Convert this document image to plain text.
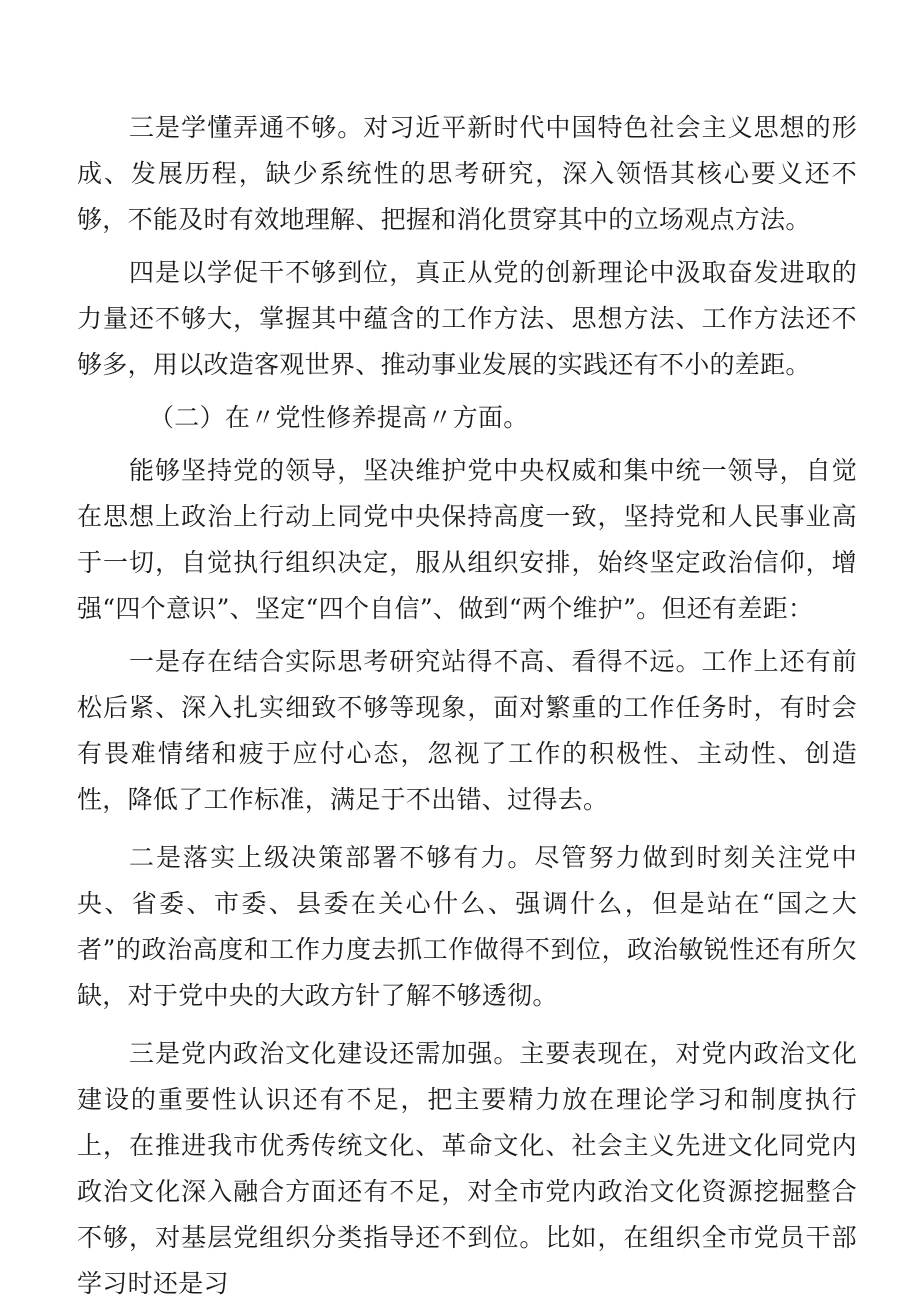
三是学懂弄通不够。对习近平新时代中国特色社会主义思想的形成、发展历程，缺少系统性的思考研究，深入领悟其核心要义还不够，不能及时有效地理解、把握和消化贯穿其中的立场观点方法。

四是以学促干不够到位，真正从党的创新理论中汲取奋发进取的力量还不够大，掌握其中蕴含的工作方法、思想方法、工作方法还不够多，用以改造客观世界、推动事业发展的实践还有不小的差距。

（二）在〃党性修养提高〃方面。

能够坚持党的领导，坚决维护党中央权威和集中统一领导，自觉在思想上政治上行动上同党中央保持高度一致，坚持党和人民事业高于一切，自觉执行组织决定，服从组织安排，始终坚定政治信仰，增强“四个意识”、坚定“四个自信”、做到“两个维护”。但还有差距：

一是存在结合实际思考研究站得不高、看得不远。工作上还有前松后紧、深入扎实细致不够等现象，面对繁重的工作任务时，有时会有畏难情绪和疲于应付心态，忽视了工作的积极性、主动性、创造性，降低了工作标准，满足于不出错、过得去。

二是落实上级决策部署不够有力。尽管努力做到时刻关注党中央、省委、市委、县委在关心什么、强调什么，但是站在“国之大者”的政治高度和工作力度去抓工作做得不到位，政治敏锐性还有所欠缺，对于党中央的大政方针了解不够透彻。

三是党内政治文化建设还需加强。主要表现在，对党内政治文化建设的重要性认识还有不足，把主要精力放在理论学习和制度执行上，在推进我市优秀传统文化、革命文化、社会主义先进文化同党内政治文化深入融合方面还有不足，对全市党内政治文化资源挖掘整合不够，对基层党组织分类指导还不到位。比如，在组织全市党员干部学习时还是习
